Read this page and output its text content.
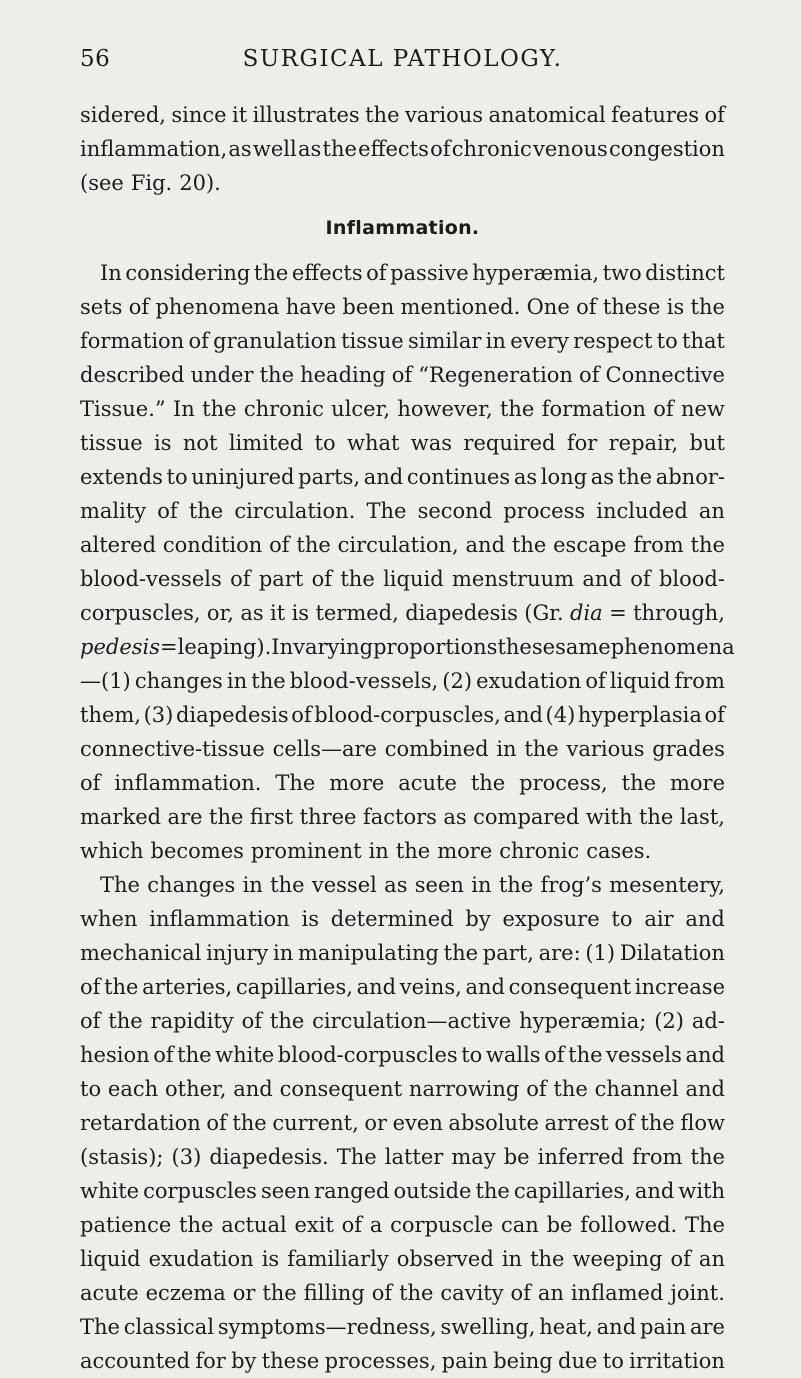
56	SURGICAL PATHOLOGY.
sidered, since it illustrates the various anatomical features of
inflammation, as well as the effects of chronic venous congestion
(see Fig. 20).
Inflammation.
In considering the effects of passive hyperæmia, two distinct
sets of phenomena have been mentioned. One of these is the
formation of granulation tissue similar in every respect to that
described under the heading of “Regeneration of Connective
Tissue.” In the chronic ulcer, however, the formation of new
tissue is not limited to what was required for repair, but
extends to uninjured parts, and continues as long as the abnor-
mality of the circulation. The second process included an
altered condition of the circulation, and the escape from the
blood-vessels of part of the liquid menstruum and of blood-
corpuscles, or, as it is termed, diapedesis (Gr. dia = through,
pedesis = leaping). In varying proportions these same phenomena
—(1) changes in the blood-vessels, (2) exudation of liquid from
them, (3) diapedesis of blood-corpuscles, and (4) hyperplasia of
connective-tissue cells—are combined in the various grades
of inflammation. The more acute the process, the more
marked are the first three factors as compared with the last,
which becomes prominent in the more chronic cases.
The changes in the vessel as seen in the frog’s mesentery,
when inflammation is determined by exposure to air and
mechanical injury in manipulating the part, are: (1) Dilatation
of the arteries, capillaries, and veins, and consequent increase
of the rapidity of the circulation—active hyperæmia; (2) ad-
hesion of the white blood-corpuscles to walls of the vessels and
to each other, and consequent narrowing of the channel and
retardation of the current, or even absolute arrest of the flow
(stasis); (3) diapedesis. The latter may be inferred from the
white corpuscles seen ranged outside the capillaries, and with
patience the actual exit of a corpuscle can be followed. The
liquid exudation is familiarly observed in the weeping of an
acute eczema or the filling of the cavity of an inflamed joint.
The classical symptoms—redness, swelling, heat, and pain are
accounted for by these processes, pain being due to irritation
